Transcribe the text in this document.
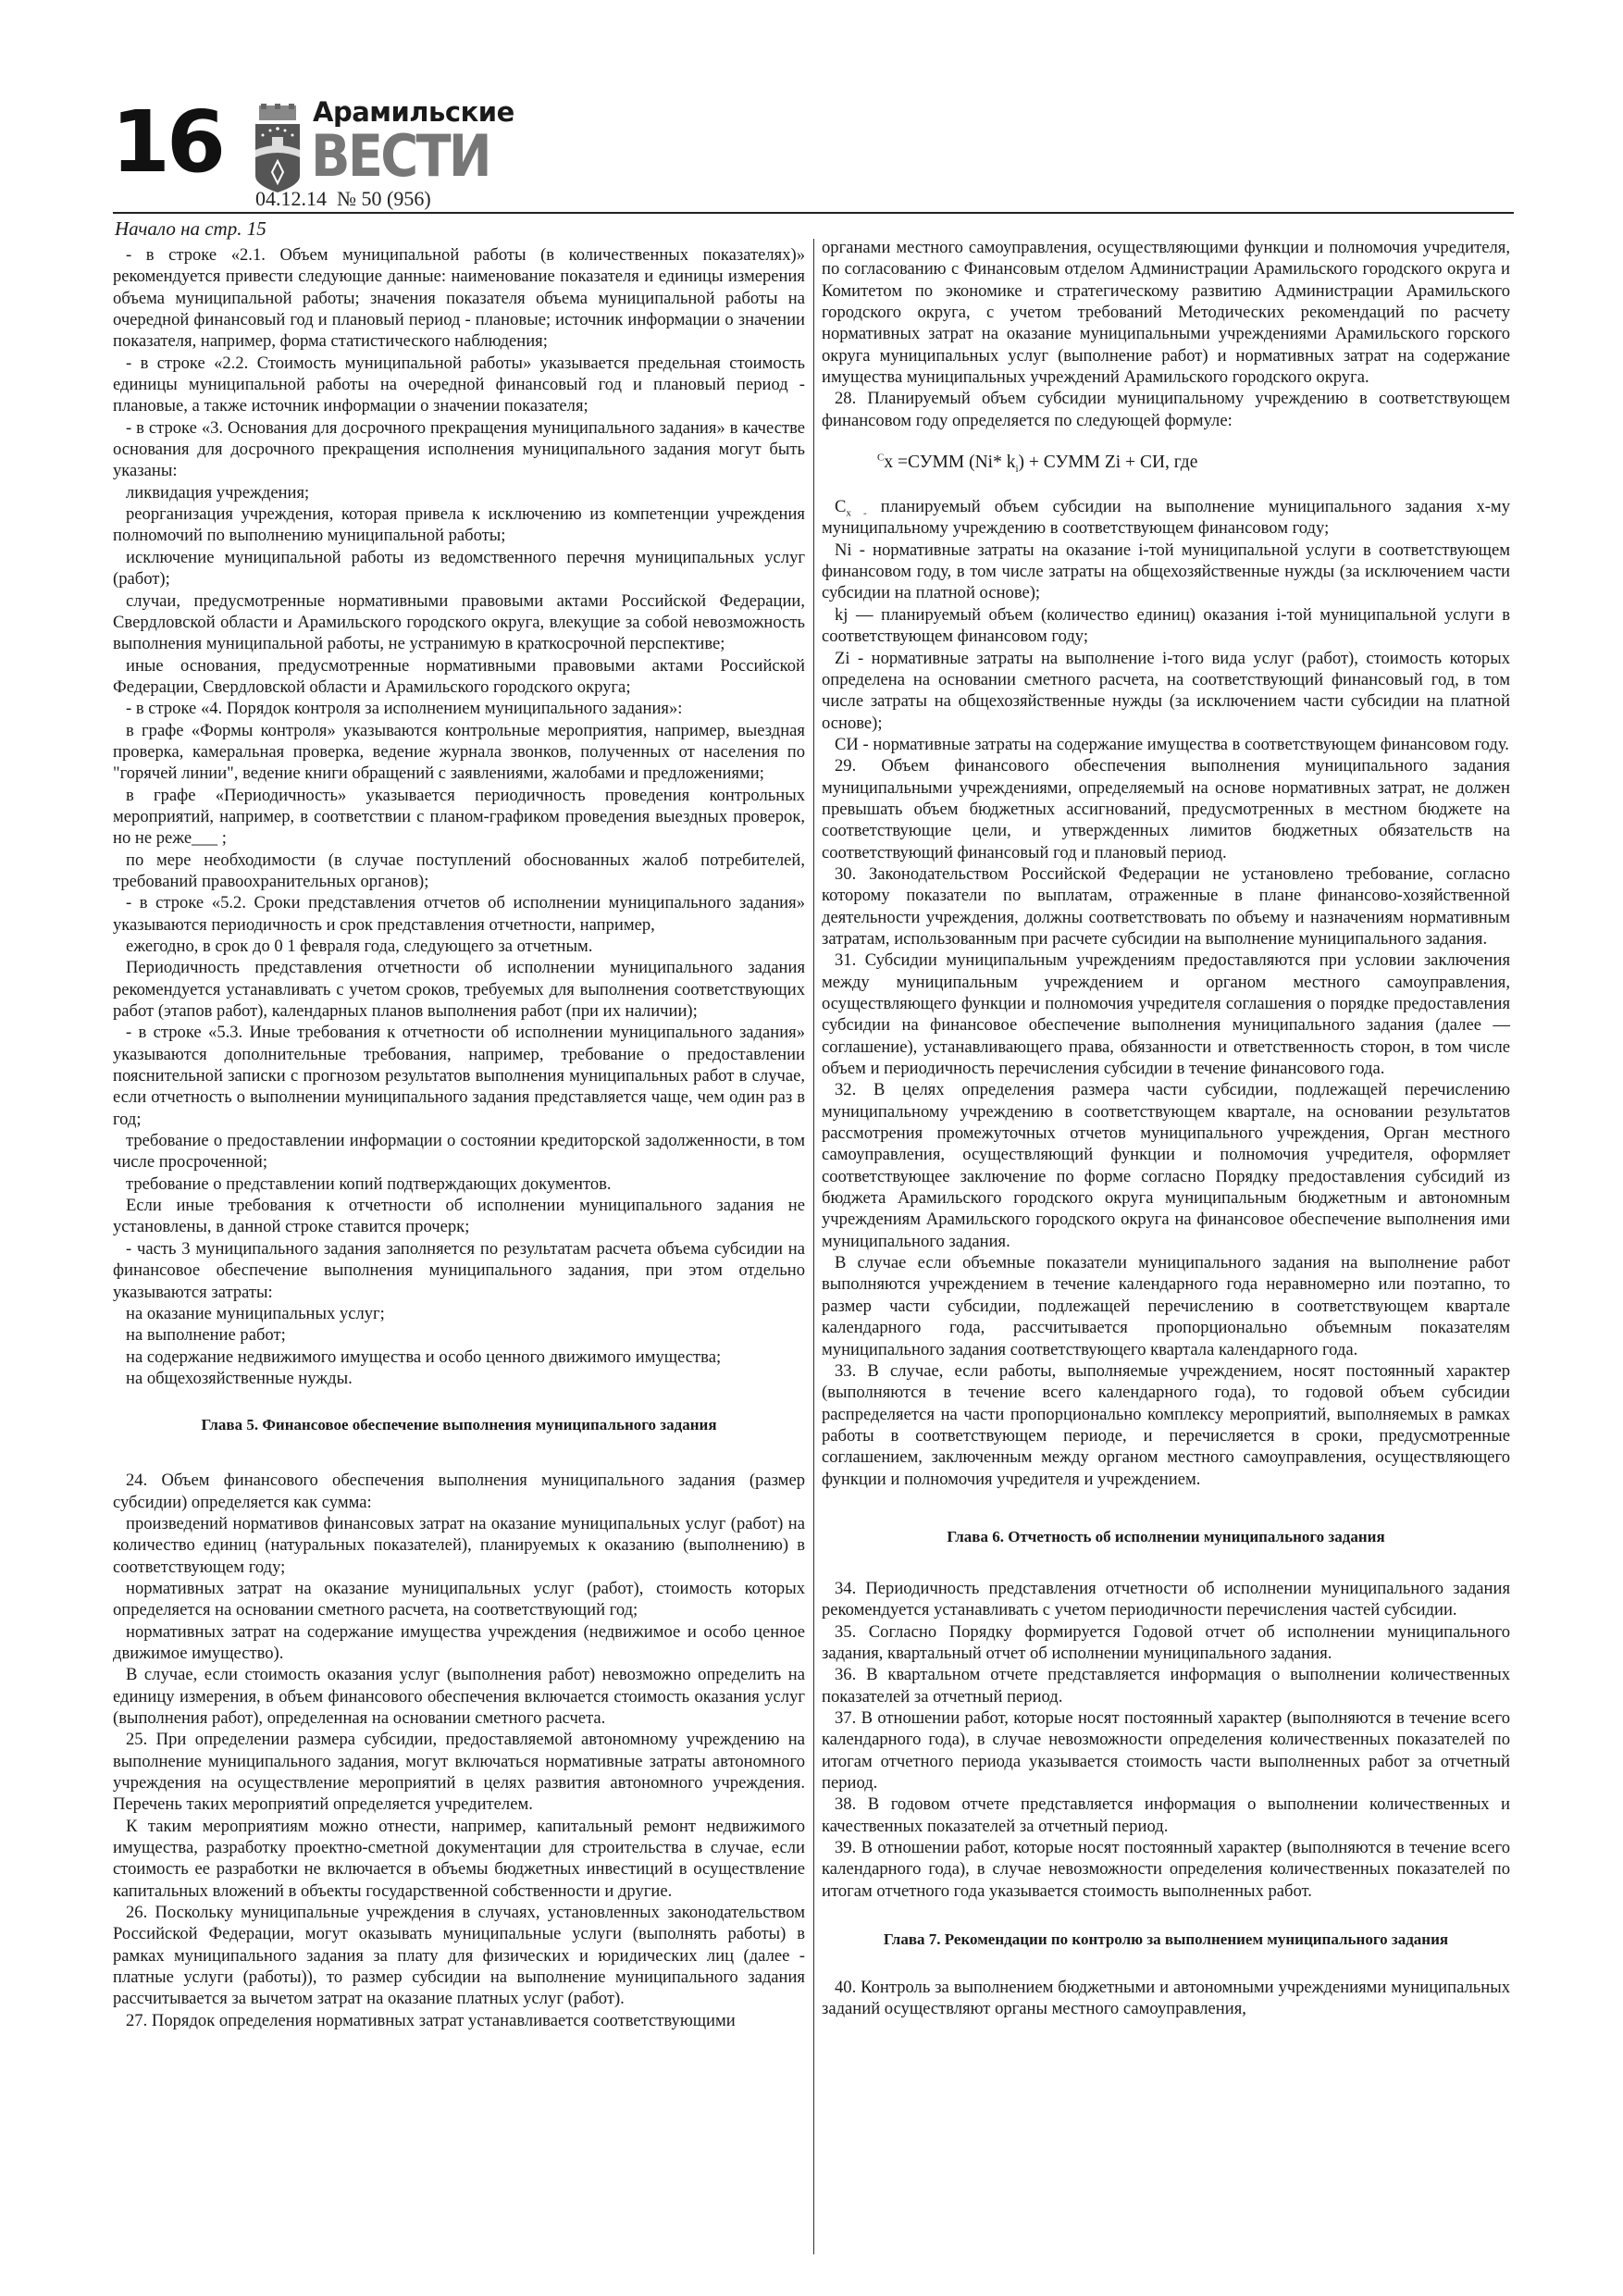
16	Арамильские
ВЕСТИ
04.12.14 № 50 (956)
Начало на стр. 15

- в строке «2.1. Объем муниципальной работы (в количественных показателях)» рекомендуется привести следующие данные: наименование показателя и единицы измерения объема муниципальной работы; значения показателя объема муниципальной работы на очередной финансовый год и плановый период - плановые; источник информации о значении показателя, например, форма статистического наблюдения;

- в строке «2.2. Стоимость муниципальной работы» указывается предельная стоимость единицы муниципальной работы на очередной финансовый год и плановый период - плановые, а также источник информации о значении показателя;

- в строке «3. Основания для досрочного прекращения муниципального задания» в качестве основания для досрочного прекращения исполнения муниципального задания могут быть указаны:

ликвидация учреждения;

реорганизация учреждения, которая привела к исключению из компетенции учреждения полномочий по выполнению муниципальной работы;

исключение муниципальной работы из ведомственного перечня муниципальных услуг (работ);

случаи, предусмотренные нормативными правовыми актами Российской Федерации, Свердловской области и Арамильского городского округа, влекущие за собой невозможность выполнения муниципальной работы, не устранимую в краткосрочной перспективе;

иные основания, предусмотренные нормативными правовыми актами Российской Федерации, Свердловской области и Арамильского городского округа;

- в строке «4. Порядок контроля за исполнением муниципального задания»:

в графе «Формы контроля» указываются контрольные мероприятия, например, выездная проверка, камеральная проверка, ведение журнала звонков, полученных от населения по "горячей линии", ведение книги обращений с заявлениями, жалобами и предложениями;

в графе «Периодичность» указывается периодичность проведения контрольных мероприятий, например, в соответствии с планом-графиком проведения выездных проверок, но не реже___ ;

по мере необходимости (в случае поступлений обоснованных жалоб потребителей, требований правоохранительных органов);

- в строке «5.2. Сроки представления отчетов об исполнении муниципального задания» указываются периодичность и срок представления отчетности, например,

ежегодно, в срок до 0 1 февраля года, следующего за отчетным.

Периодичность представления отчетности об исполнении муниципального задания рекомендуется устанавливать с учетом сроков, требуемых для выполнения соответствующих работ (этапов работ), календарных планов выполнения работ (при их наличии);

- в строке «5.3. Иные требования к отчетности об исполнении муниципального задания» указываются дополнительные требования, например, требование о предоставлении пояснительной записки с прогнозом результатов выполнения муниципальных работ в случае, если отчетность о выполнении муниципального задания представляется чаще, чем один раз в год;

требование о предоставлении информации о состоянии кредиторской задолженности, в том числе просроченной;

требование о представлении копий подтверждающих документов.

Если иные требования к отчетности об исполнении муниципального задания не установлены, в данной строке ставится прочерк;

- часть 3 муниципального задания заполняется по результатам расчета объема субсидии на финансовое обеспечение выполнения муниципального задания, при этом отдельно указываются затраты:

на оказание муниципальных услуг;

на выполнение работ;

на содержание недвижимого имущества и особо ценного движимого имущества;

на общехозяйственные нужды.

Глава 5. Финансовое обеспечение выполнения муниципального задания

24. Объем финансового обеспечения выполнения муниципального задания (размер субсидии) определяется как сумма:

произведений нормативов финансовых затрат на оказание муниципальных услуг (работ) на количество единиц (натуральных показателей), планируемых к оказанию (выполнению) в соответствующем году;

нормативных затрат на оказание муниципальных услуг (работ), стоимость которых определяется на основании сметного расчета, на соответствующий год;

нормативных затрат на содержание имущества учреждения (недвижимое и особо ценное движимое имущество).

В случае, если стоимость оказания услуг (выполнения работ) невозможно определить на единицу измерения, в объем финансового обеспечения включается стоимость оказания услуг (выполнения работ), определенная на основании сметного расчета.

25. При определении размера субсидии, предоставляемой автономному учреждению на выполнение муниципального задания, могут включаться нормативные затраты автономного учреждения на осуществление мероприятий в целях развития автономного учреждения. Перечень таких мероприятий определяется учредителем.

К таким мероприятиям можно отнести, например, капитальный ремонт недвижимого имущества, разработку проектно-сметной документации для строительства в случае, если стоимость ее разработки не включается в объемы бюджетных инвестиций в осуществление капитальных вложений в объекты государственной собственности и другие.

26. Поскольку муниципальные учреждения в случаях, установленных законодательством Российской Федерации, могут оказывать муниципальные услуги (выполнять работы) в рамках муниципального задания за плату для физических и юридических лиц (далее - платные услуги (работы)), то размер субсидии на выполнение муниципального задания рассчитывается за вычетом затрат на оказание платных услуг (работ).

27. Порядок определения нормативных затрат устанавливается соответствующими

органами местного самоуправления, осуществляющими функции и полномочия учредителя, по согласованию с Финансовым отделом Администрации Арамильского городского округа и Комитетом по экономике и стратегическому развитию Администрации Арамильского городского округа, с учетом требований Методических рекомендаций по расчету нормативных затрат на оказание муниципальными учреждениями Арамильского горского округа муниципальных услуг (выполнение работ) и нормативных затрат на содержание имущества муниципальных учреждений Арамильского городского округа.

28. Планируемый объем субсидии муниципальному учреждению в соответствующем финансовом году определяется по следующей формуле:

$^C$x =СУММ (Ni* $k_i$) + СУММ Zi + СИ, где

$С_{x -}$ планируемый объем субсидии на выполнение муниципального задания х-му муниципальному учреждению в соответствующем финансовом году;

Ni - нормативные затраты на оказание i-той муниципальной услуги в соответствующем финансовом году, в том числе затраты на общехозяйственные нужды (за исключением части субсидии на платной основе);

kj — планируемый объем (количество единиц) оказания i-той муниципальной услуги в соответствующем финансовом году;

Zi - нормативные затраты на выполнение i-того вида услуг (работ), стоимость которых определена на основании сметного расчета, на соответствующий финансовый год, в том числе затраты на общехозяйственные нужды (за исключением части субсидии на платной основе);

СИ - нормативные затраты на содержание имущества в соответствующем финансовом году.

29. Объем финансового обеспечения выполнения муниципального задания муниципальными учреждениями, определяемый на основе нормативных затрат, не должен превышать объем бюджетных ассигнований, предусмотренных в местном бюджете на соответствующие цели, и утвержденных лимитов бюджетных обязательств на соответствующий финансовый год и плановый период.

30. Законодательством Российской Федерации не установлено требование, согласно которому показатели по выплатам, отраженные в плане финансово-хозяйственной деятельности учреждения, должны соответствовать по объему и назначениям нормативным затратам, использованным при расчете субсидии на выполнение муниципального задания.

31. Субсидии муниципальным учреждениям предоставляются при условии заключения между муниципальным учреждением и органом местного самоуправления, осуществляющего функции и полномочия учредителя соглашения о порядке предоставления субсидии на финансовое обеспечение выполнения муниципального задания (далее — соглашение), устанавливающего права, обязанности и ответственность сторон, в том числе объем и периодичность перечисления субсидии в течение финансового года.

32. В целях определения размера части субсидии, подлежащей перечислению муниципальному учреждению в соответствующем квартале, на основании результатов рассмотрения промежуточных отчетов муниципального учреждения, Орган местного самоуправления, осуществляющий функции и полномочия учредителя, оформляет соответствующее заключение по форме согласно Порядку предоставления субсидий из бюджета Арамильского городского округа муниципальным бюджетным и автономным учреждениям Арамильского городского округа на финансовое обеспечение выполнения ими муниципального задания.

В случае если объемные показатели муниципального задания на выполнение работ выполняются учреждением в течение календарного года неравномерно или поэтапно, то размер части субсидии, подлежащей перечислению в соответствующем квартале календарного года, рассчитывается пропорционально объемным показателям муниципального задания соответствующего квартала календарного года.

33. В случае, если работы, выполняемые учреждением, носят постоянный характер (выполняются в течение всего календарного года), то годовой объем субсидии распределяется на части пропорционально комплексу мероприятий, выполняемых в рамках работы в соответствующем периоде, и перечисляется в сроки, предусмотренные соглашением, заключенным между органом местного самоуправления, осуществляющего функции и полномочия учредителя и учреждением.

Глава 6. Отчетность об исполнении муниципального задания

34. Периодичность представления отчетности об исполнении муниципального задания рекомендуется устанавливать с учетом периодичности перечисления частей субсидии.

35. Согласно Порядку формируется Годовой отчет об исполнении муниципального задания, квартальный отчет об исполнении муниципального задания.

36. В квартальном отчете представляется информация о выполнении количественных показателей за отчетный период.

37. В отношении работ, которые носят постоянный характер (выполняются в течение всего календарного года), в случае невозможности определения количественных показателей по итогам отчетного периода указывается стоимость части выполненных работ за отчетный период.

38. В годовом отчете представляется информация о выполнении количественных и качественных показателей за отчетный период.

39. В отношении работ, которые носят постоянный характер (выполняются в течение всего календарного года), в случае невозможности определения количественных показателей по итогам отчетного года указывается стоимость выполненных работ.

Глава 7. Рекомендации по контролю за выполнением муниципального задания

40. Контроль за выполнением бюджетными и автономными учреждениями муниципальных заданий осуществляют органы местного самоуправления,
